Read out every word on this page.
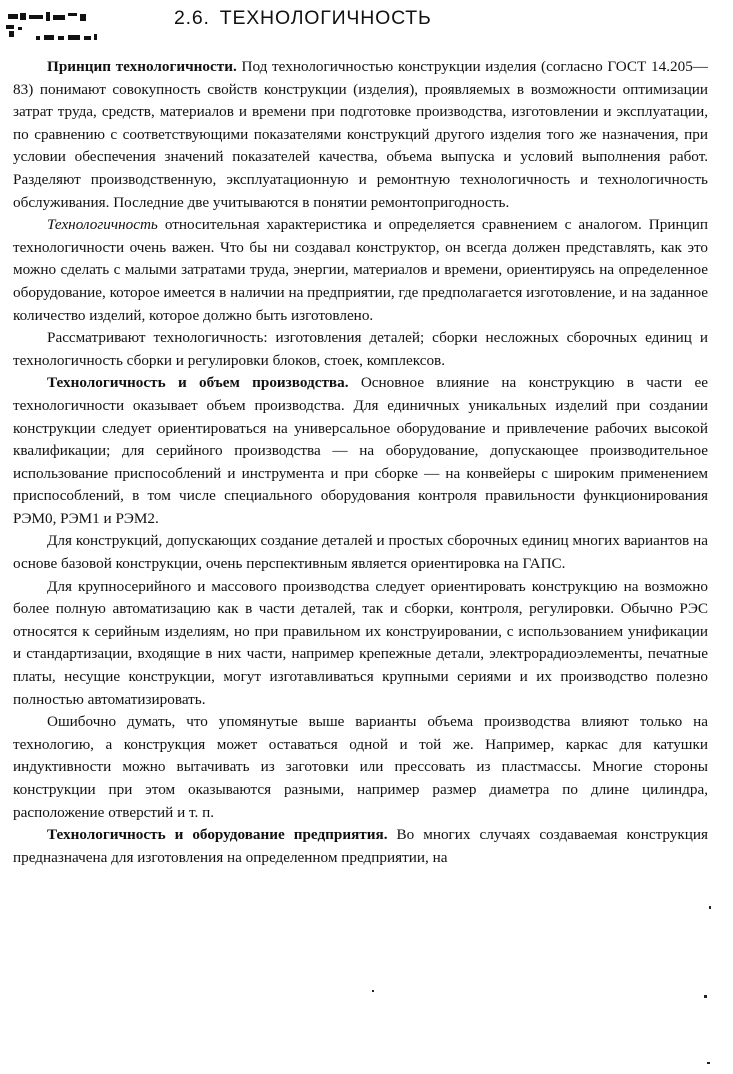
2.6. ТЕХНОЛОГИЧНОСТЬ

Принцип технологичности. Под технологичностью конструкции изделия (согласно ГОСТ 14.205—83) понимают совокупность свойств конструкции (изделия), проявляемых в возможности оптимизации затрат труда, средств, материалов и времени при подготовке производства, изготовлении и эксплуатации, по сравнению с соответствующими показателями конструкций другого изделия того же назначения, при условии обеспечения значений показателей качества, объема выпуска и условий выполнения работ. Разделяют производственную, эксплуатационную и ремонтную технологичность и технологичность обслуживания. Последние две учитываются в понятии ремонтопригодность.

Технологичность относительная характеристика и определяется сравнением с аналогом. Принцип технологичности очень важен. Что бы ни создавал конструктор, он всегда должен представлять, как это можно сделать с малыми затратами труда, энергии, материалов и времени, ориентируясь на определенное оборудование, которое имеется в наличии на предприятии, где предполагается изготовление, и на заданное количество изделий, которое должно быть изготовлено.

Рассматривают технологичность: изготовления деталей; сборки несложных сборочных единиц и технологичность сборки и регулировки блоков, стоек, комплексов.

Технологичность и объем производства. Основное влияние на конструкцию в части ее технологичности оказывает объем производства. Для единичных уникальных изделий при создании конструкции следует ориентироваться на универсальное оборудование и привлечение рабочих высокой квалификации; для серийного производства — на оборудование, допускающее производительное использование приспособлений и инструмента и при сборке — на конвейеры с широким применением приспособлений, в том числе специального оборудования контроля правильности функционирования РЭМ0, РЭМ1 и РЭМ2.

Для конструкций, допускающих создание деталей и простых сборочных единиц многих вариантов на основе базовой конструкции, очень перспективным является ориентировка на ГАПС.

Для крупносерийного и массового производства следует ориентировать конструкцию на возможно более полную автоматизацию как в части деталей, так и сборки, контроля, регулировки. Обычно РЭС относятся к серийным изделиям, но при правильном их конструировании, с использованием унификации и стандартизации, входящие в них части, например крепежные детали, электрорадиоэлементы, печатные платы, несущие конструкции, могут изготавливаться крупными сериями и их производство полезно полностью автоматизировать.

Ошибочно думать, что упомянутые выше варианты объема производства влияют только на технологию, а конструкция может оставаться одной и той же. Например, каркас для катушки индуктивности можно вытачивать из заготовки или прессовать из пластмассы. Многие стороны конструкции при этом оказываются разными, например размер диаметра по длине цилиндра, расположение отверстий и т. п.

Технологичность и оборудование предприятия. Во многих случаях создаваемая конструкция предназначена для изготовления на определенном предприятии, на
